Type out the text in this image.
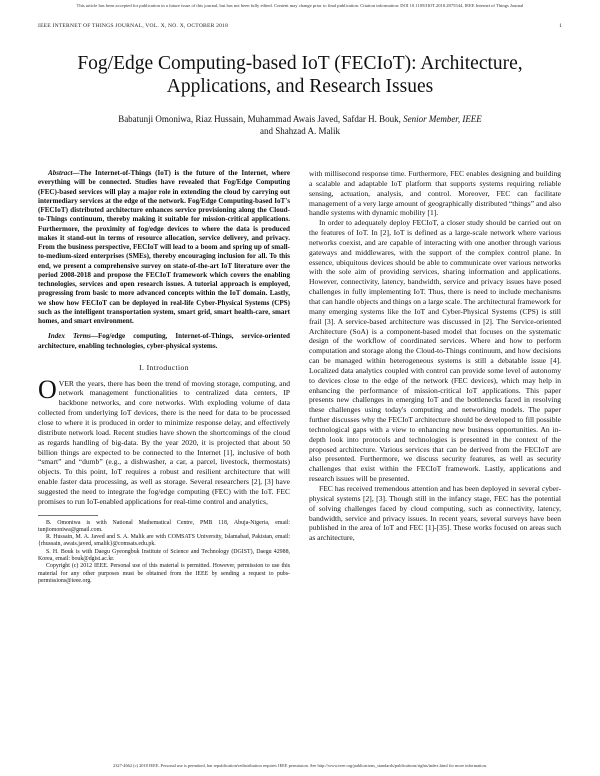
This article has been accepted for publication in a future issue of this journal, but has not been fully edited. Content may change prior to final publication. Citation information: DOI 10.1109/JIOT.2018.2875544, IEEE Internet of Things Journal
IEEE INTERNET OF THINGS JOURNAL, VOL. X, NO. X, OCTOBER 2018	1
Fog/Edge Computing-based IoT (FECIoT): Architecture, Applications, and Research Issues
Babatunji Omoniwa, Riaz Hussain, Muhammad Awais Javed, Safdar H. Bouk, Senior Member, IEEE
and Shahzad A. Malik

Abstract—The Internet-of-Things (IoT) is the future of the Internet, where everything will be connected. Studies have revealed that Fog/Edge Computing (FEC)-based services will play a major role in extending the cloud by carrying out intermediary services at the edge of the network. Fog/Edge Computing-based IoT's (FECIoT) distributed architecture enhances service provisioning along the Cloud-to-Things continuum, thereby making it suitable for mission-critical applications. Furthermore, the proximity of fog/edge devices to where the data is produced makes it stand-out in terms of resource allocation, service delivery, and privacy. From the business perspective, FECIoT will lead to a boom and spring up of small-to-medium-sized enterprises (SMEs), thereby encouraging inclusion for all. To this end, we present a comprehensive survey on state-of-the-art IoT literature over the period 2008-2018 and propose the FECIoT framework which covers the enabling technologies, services and open research issues. A tutorial approach is employed, progressing from basic to more advanced concepts within the IoT domain. Lastly, we show how FECIoT can be deployed in real-life Cyber-Physical Systems (CPS) such as the intelligent transportation system, smart grid, smart health-care, smart homes, and smart environment.

Index Terms—Fog/edge computing, Internet-of-Things, service-oriented architecture, enabling technologies, cyber-physical systems.

I. Introduction

OVER the years, there has been the trend of moving storage, computing, and network management functionalities to centralized data centers, IP backbone networks, and core networks. With exploding volume of data collected from underlying IoT devices, there is the need for data to be processed close to where it is produced in order to minimize response delay, and effectively distribute network load. Recent studies have shown the shortcomings of the cloud as regards handling of big-data. By the year 2020, it is projected that about 50 billion things are expected to be connected to the Internet [1], inclusive of both “smart” and “dumb” (e.g., a dishwasher, a car, a parcel, livestock, thermostats) objects. To this point, IoT requires a robust and resilient architecture that will enable faster data processing, as well as storage. Several researchers [2], [3] have suggested the need to integrate the fog/edge computing (FEC) with the IoT. FEC promises to run IoT-enabled applications for real-time control and analytics,

B. Omoniwa is with National Mathematical Centre, PMB 118, Abuja-Nigeria, email: tunjiomoniwa@gmail.com.

R. Hussain, M. A. Javed and S. A. Malik are with COMSATS University, Islamabad, Pakistan, email: {rhussain, awais.javed, smalik}@comsats.edu.pk.

S. H. Bouk is with Daegu Gyeongbuk Institute of Science and Technology (DGIST), Daegu 42988, Korea, email: bouk@dgist.ac.kr.

Copyright (c) 2012 IEEE. Personal use of this material is permitted. However, permission to use this material for any other purposes must be obtained from the IEEE by sending a request to pubs-permissions@ieee.org.

with millisecond response time. Furthermore, FEC enables designing and building a scalable and adaptable IoT platform that supports systems requiring reliable sensing, actuation, analysis, and control. Moreover, FEC can facilitate management of a very large amount of geographically distributed “things” and also handle systems with dynamic mobility [1].

In order to adequately deploy FECIoT, a closer study should be carried out on the features of IoT. In [2], IoT is defined as a large-scale network where various networks coexist, and are capable of interacting with one another through various gateways and middlewares, with the support of the complex control plane. In essence, ubiquitous devices should be able to communicate over various networks with the sole aim of providing services, sharing information and applications. However, connectivity, latency, bandwidth, service and privacy issues have posed challenges in fully implementing IoT. Thus, there is need to include mechanisms that can handle objects and things on a large scale. The architectural framework for many emerging systems like the IoT and Cyber-Physical Systems (CPS) is still frail [3]. A service-based architecture was discussed in [2]. The Service-oriented Architecture (SoA) is a component-based model that focuses on the systematic design of the workflow of coordinated services. Where and how to perform computation and storage along the Cloud-to-Things continuum, and how decisions can be managed within heterogeneous systems is still a debatable issue [4]. Localized data analytics coupled with control can provide some level of autonomy to devices close to the edge of the network (FEC devices), which may help in enhancing the performance of mission-critical IoT applications. This paper presents new challenges in emerging IoT and the bottlenecks faced in resolving these challenges using today's computing and networking models. The paper further discusses why the FECIoT architecture should be developed to fill possible technological gaps with a view to enhancing new business opportunities. An in-depth look into protocols and technologies is presented in the context of the proposed architecture. Various services that can be derived from the FECIoT are also presented. Furthermore, we discuss security features, as well as security challenges that exist within the FECIoT framework. Lastly, applications and research issues will be presented.

FEC has received tremendous attention and has been deployed in several cyber-physical systems [2], [3]. Though still in the infancy stage, FEC has the potential of solving challenges faced by cloud computing, such as connectivity, latency, bandwidth, service and privacy issues. In recent years, several surveys have been published in the area of IoT and FEC [1]-[35]. These works focused on areas such as architecture,

2327-4662 (c) 2018 IEEE. Personal use is permitted, but republication/redistribution requires IEEE permission. See http://www.ieee.org/publications_standards/publications/rights/index.html for more information.
